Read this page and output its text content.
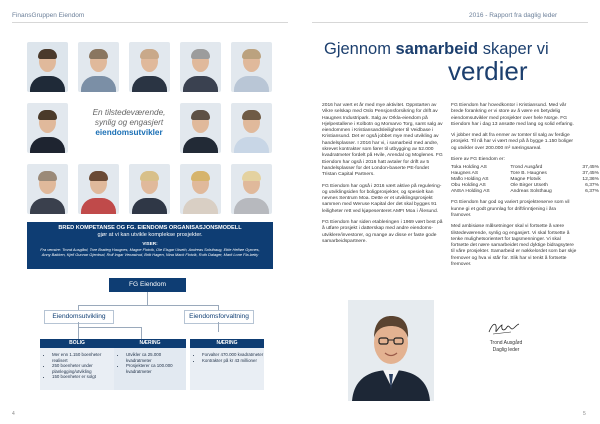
FinansGruppen Eiendom
En tilstedeværende,
synlig og engasjert
eiendomsutvikler
BRED KOMPETANSE OG FG. EIENDOMS ORGANISASJONSMODELL
gjør at vi kan utvikle komplekse prosjekter.
VISER:
Fra venstre: Trond Ausgård, Tore Bratteg Haugnes, Magne Flotvik, Ole Elsgar Utseth, Andreas Solsthaug, Ettie Heftøe Gynnes, Anny Bakken, Kjell Gunnar Gjerdrud, Rolf Ingar Venastrud, Britt Hagen, Nina Mack Flotvik, Ruth Dalager, Marit Lone Fla-betty
FG Eiendom
Eiendomsutvikling	Eiendomsforvaltning
BOLIG
• Mer enn 1.150 boenheter realisert
• 250 boenheter under planlegging/utvikling
• 150 boenheter er solgt
NÆRING
• Utvikler ca 25.000 kvadratmeter
• Prosjekterer ca 100.000 kvadratmeter
NÆRING
• Forvalter 470.000 kvadratmeter
• Kontrakter på kr 43 millioner
4
2016 - Rapport fra daglig leder
5
Gjennom samarbeid skaper vi
verdier

2016 har vært et år med mye aktivitet. Oppstarten av Vikre selskap med Oslo Pensjonsforsikring for drift av Haugnes Industripark. Salg av Orkla-eiendom på Hjelpestallene i Kolbotn og Momarvo Torg, samt salg av eiendommen i Kristiansandsleiligheter til Veidbase i Kristiansund. Det er også jobbet mye med utvikling av handelsplasser. I 2016 har vi, i samarbeid med andre, skrevet kontrakter som fører til utbygging av 52.000 kvadratmeter fordelt på Hvile, Arendal og Moglenes. FG Eiendom har også i 2016 hatt avtaler for drift av 5 handelsplasser for det London-baserte PE-fondet Tristan Capital Partners.

FG Eiendom har også i 2016 vært aktive på regulering- og utviklingsiden for boligprosjekter, og spesielt kan nevnes Sentrum Moa. Dette er et utviklingsprosjekt sammen med Weruse Kapital der det skal bygges 91 leiligheter rett ved kjøpesenteret AMFI Moa i Ålesund.

FG Eiendom har siden etableringen i 1969 vært best på å utføre prosjekt i datterskap med andre eiendoms-utviklere/investorer, og mange av disse er faste gode samarbeidspartnere.

FG Eiendom har hovedkontor i Kristiansund. Med vår brede forankring er vi store av å være en betydelig eiendomsutvikler med prosjekter over hele Norge. FG Eiendom har i dag 13 ansatte med lang og solid erfaring.

Vi jobber med alt fra enmer av tomter til salg av ferdige prosjekt. Til nå har vi vært med på å bygge 1.150 boliger og utvikler over 200.000 m² næringsareal.

Eiere av FG Eiendom er:

Toka Holding AS	Trond Ausgård	37,45%
Haugnes AS	Tore B. Haugnes	37,45%
Maflo Holding AS	Magne Flotvik	12,36%
Obu Holding AS	Ole Birger Utseth	6,37%
ANSA Holding AS	Andreas Solsthaug	6,37%

FG Eiendom har god og variert prosjektreserve som vil kunne gi et godt grunnlag for drift/inntjening i åra framover.

Med ambisiøse målsetninger skal vi fortsette å være tilstedeværende, synlig og engasjert. Vi skal fortsette å tenke mulighetsorientert for tagsmenninger. Vi skal fortsette det nære samarbeidet med dyktige bidragsytere til våre prosjekter. Samarbeid er nøkkelordet som bør skje fremover og hva vi står for. Slik har vi tenkt å fortsette fremover.

Trond Ausgård
Daglig leder
